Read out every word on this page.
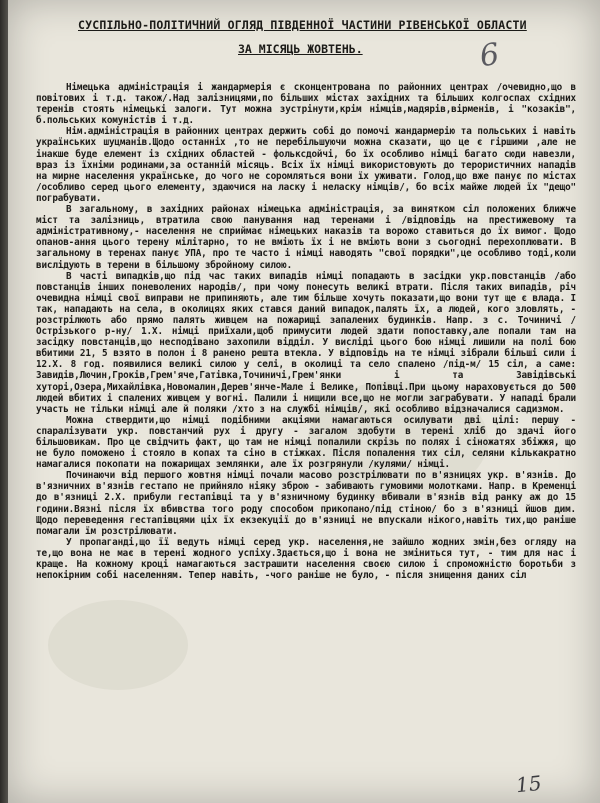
СУСПІЛЬНО-ПОЛІТИЧНИЙ ОГЛЯД ПІВДЕННОЇ ЧАСТИНИ РІВЕНСЬКОЇ ОБЛАСТИ
ЗА МІСЯЦЬ ЖОВТЕНЬ.	6

Німецька адміністрація і жандармерія є сконцентрована по районних центрах /очевидно,що в повітових і т.д. також/.Над залізницями,по більших містах західних та більших колгоспах східних теренів стоять німецькі залоги. Тут можна зустрінути,крім німців,мадярів,вірменів, і "козаків", б.польських комуністів і т.д.

Нім.адміністрація в районних центрах держить собі до помочі жандармерію та польських і навіть українських шуцманів.Щодо останніх ,то не перебільшуючи можна сказати, що це є гіршими ,але не інакше буде елемент із східних областей - фольксдойчі, бо їх особливо німці багато сюди навезли, враз із їхніми родинами,за останній місяць. Всіх їх німці використовують до терористичних нападів на мирне населення українське, до чого не соромляться вони їх уживати. Голод,що вже панує по містах /особливо серед цього елементу, здаючися на ласку і неласку німців/, бо всіх майже людей їх "дещо" пограбувати.

В загальному, в західних районах німецька адміністрація, за винятком сіл положених ближче міст та залізниць, втратила свою панування над теренами і /відповідь на престижевому та адміністративному,- населення не сприймає німецьких наказів та ворожо ставиться до їх вимог. Щодо опанов-ання цього терену мілітарно, то не вміють їх і не вміють вони з сьогодні перехоплювати. В загальному в теренах панує УПА, про те часто і німці наводять "свої порядки",це особливо тоді,коли вислідують в терени в більшому збройному силою.

В часті випадків,що під час таких випадів німці попадають в засідки укр.повстанців /або повстанців інших поневолених народів/, при чому понесуть великі втрати. Після таких випадів, річ очевидна німці свої виправи не припиняють, але тим більше хочуть показати,що вони тут ще є влада. І так, нападають на села, в околицях яких стався даний випадок,палять їх, а людей, кого зловлять, - розстрілюють або прямо палять живцем на пожарищі запалених будинків. Напр. з с. Точиничі /Острізького р-ну/ 1.Х. німці приїхали,щоб примусити людей здати попоставку,але попали там на засідку повстанців,що несподівано захопили відділ. У висліді цього бою німці лишили на полі бою вбитими 21, 5 взято в полон і 8 ранено решта втекла. У відповідь на те німці зібрали більші сили і 12.Х. 8 год. появилися великі силою у селі, в околиці та село спалено /під-м/ 15 сіл, а саме: Завидів,Лючин,Гроків,Грем'яче,Гатівка,Точиничі,Грем'янки і та Завідівські хуторі,Озера,Михайлівка,Новомалин,Дерев'янче-Мале і Велике, Попівці.При цьому нараховується до 500 людей вбитих і спалених живцем у вогні. Палили і нищили все,що не могли заграбувати. У нападі брали участь не тільки німці але й поляки /хто з на службі німців/, які особливо відзначалися садизмом.

Можна ствердити,що німці подібними акціями намагаються осилувати дві цілі: першу - спаралізувати укр. повстанчий рух і другу - загалом здобути в терені хліб до здачі його більшовикам. Про це свідчить факт, що там не німці попалили скрізь по полях і сіножатях збіжжя, що не було поможено і стояло в копах та сіно в стіжках. Після попалення тих сіл, селяни кількакратно намагалися покопати на пожарищах землянки, але їх розгрянули /кулями/ німці.

Починаючи від першого жовтня німці почали масово розстрілювати по в'язницях укр. в'язнів. До в'язничних в'язнів гестапо не прийняло ніяку зброю - забивають гумовими молотками. Напр. в Кременці до в'язниці 2.Х. прибули гестапівці та у в'язничному будинку вбивали в'язнів від ранку аж до 15 години.Вязні після їх вбивства того роду способом прикопано/під стіною/ бо з в'язниці йшов дим. Щодо переведення гестапівцями ціх їх екзекуції до в'язниці не впускали нікого,навіть тих,що раніше помагали їм розстрілювати.

У пропаганді,що її ведуть німці серед укр. населення,не зайшло жодних змін,без огляду на те,що вона не має в терені жодного успіху.Здається,що і вона не зміниться тут, - тим для нас і краще. На кожному кроці намагаються застрашити населення своєю силою і спроможністю боротьби з непокірним собі населенням. Тепер навіть, -чого раніше не було, - після знищення даних сіл

15
